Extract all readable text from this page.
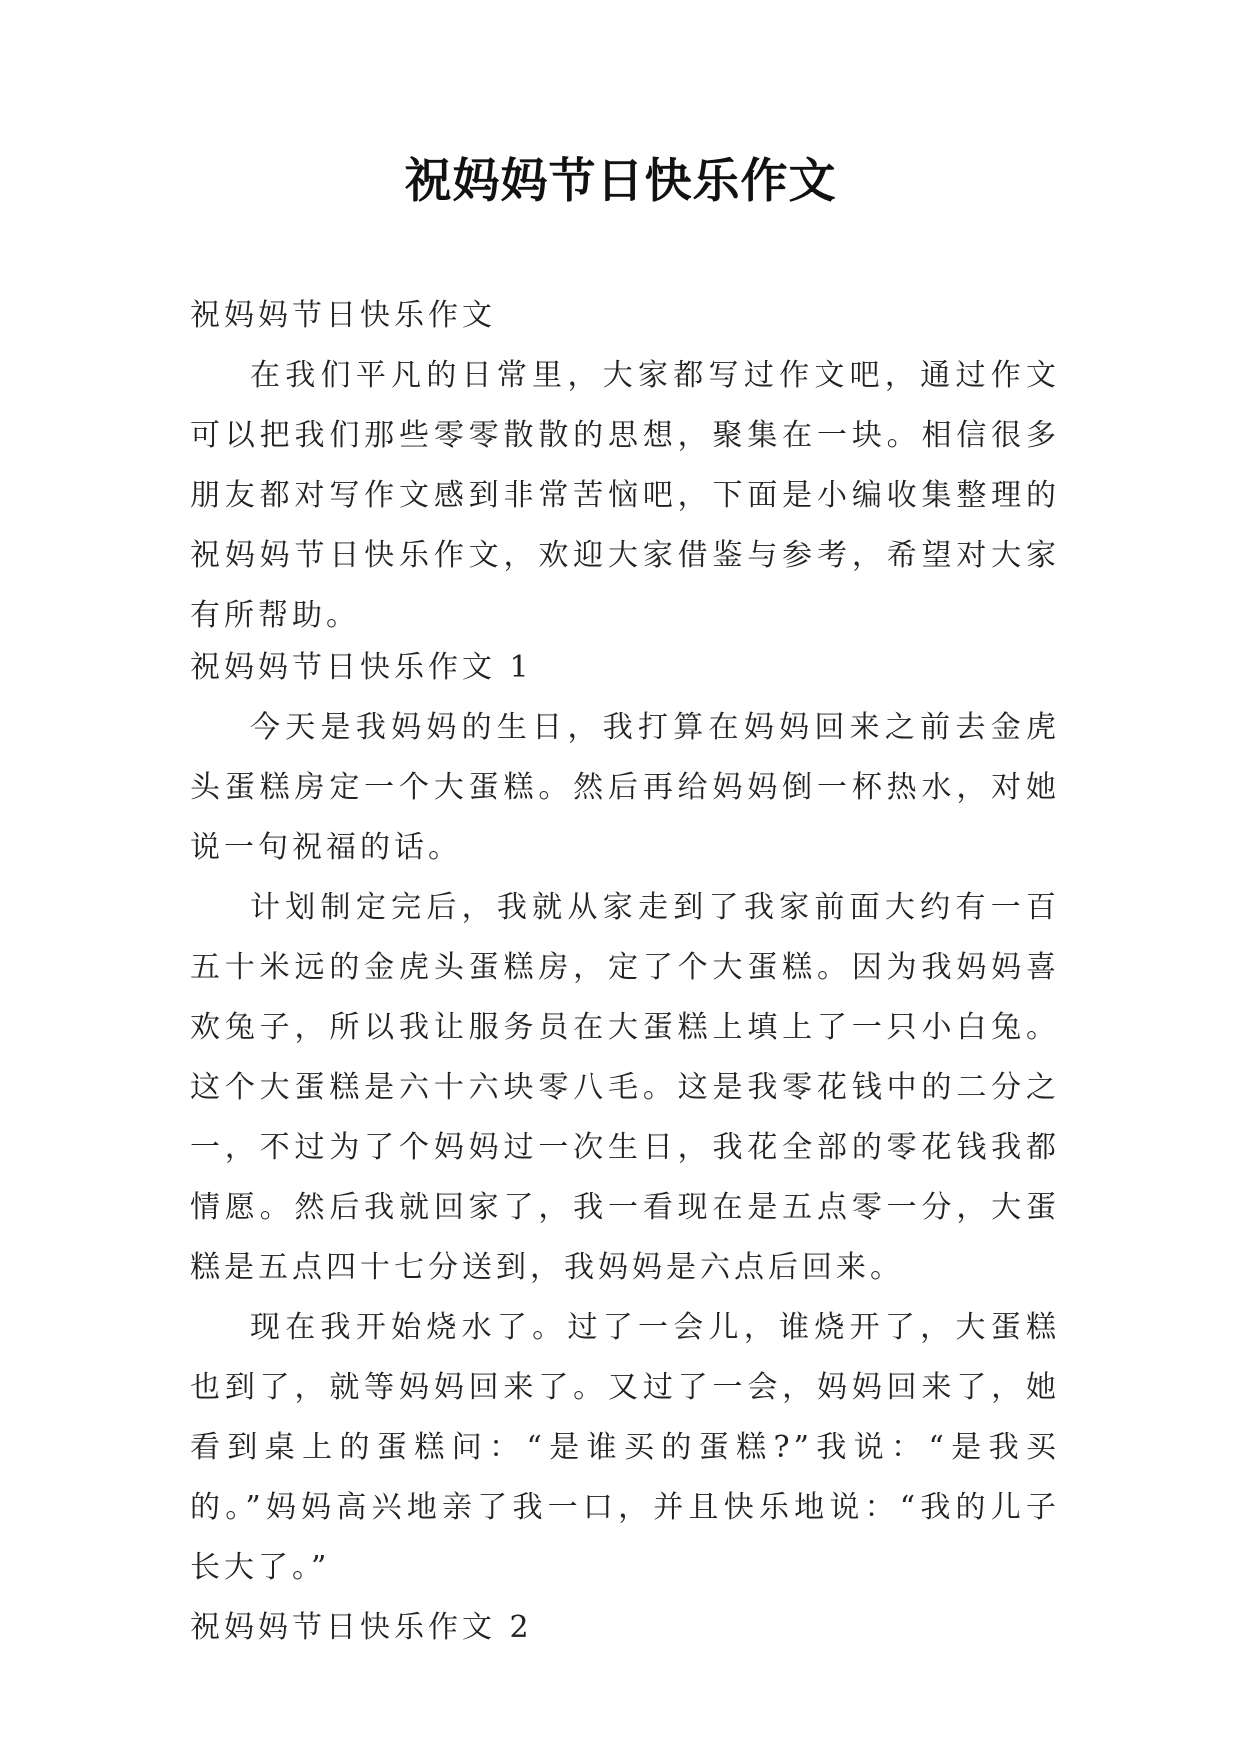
祝妈妈节日快乐作文

祝妈妈节日快乐作文

在我们平凡的日常里，大家都写过作文吧，通过作文可以把我们那些零零散散的思想，聚集在一块。相信很多朋友都对写作文感到非常苦恼吧，下面是小编收集整理的祝妈妈节日快乐作文，欢迎大家借鉴与参考，希望对大家有所帮助。

祝妈妈节日快乐作文 1

今天是我妈妈的生日，我打算在妈妈回来之前去金虎头蛋糕房定一个大蛋糕。然后再给妈妈倒一杯热水，对她说一句祝福的话。

计划制定完后，我就从家走到了我家前面大约有一百五十米远的金虎头蛋糕房，定了个大蛋糕。因为我妈妈喜欢兔子，所以我让服务员在大蛋糕上填上了一只小白兔。这个大蛋糕是六十六块零八毛。这是我零花钱中的二分之一，不过为了个妈妈过一次生日，我花全部的零花钱我都情愿。然后我就回家了，我一看现在是五点零一分，大蛋糕是五点四十七分送到，我妈妈是六点后回来。

现在我开始烧水了。过了一会儿，谁烧开了，大蛋糕也到了，就等妈妈回来了。又过了一会，妈妈回来了，她看到桌上的蛋糕问：“是谁买的蛋糕?”我说：“是我买的。”妈妈高兴地亲了我一口，并且快乐地说：“我的儿子长大了。”

祝妈妈节日快乐作文 2
